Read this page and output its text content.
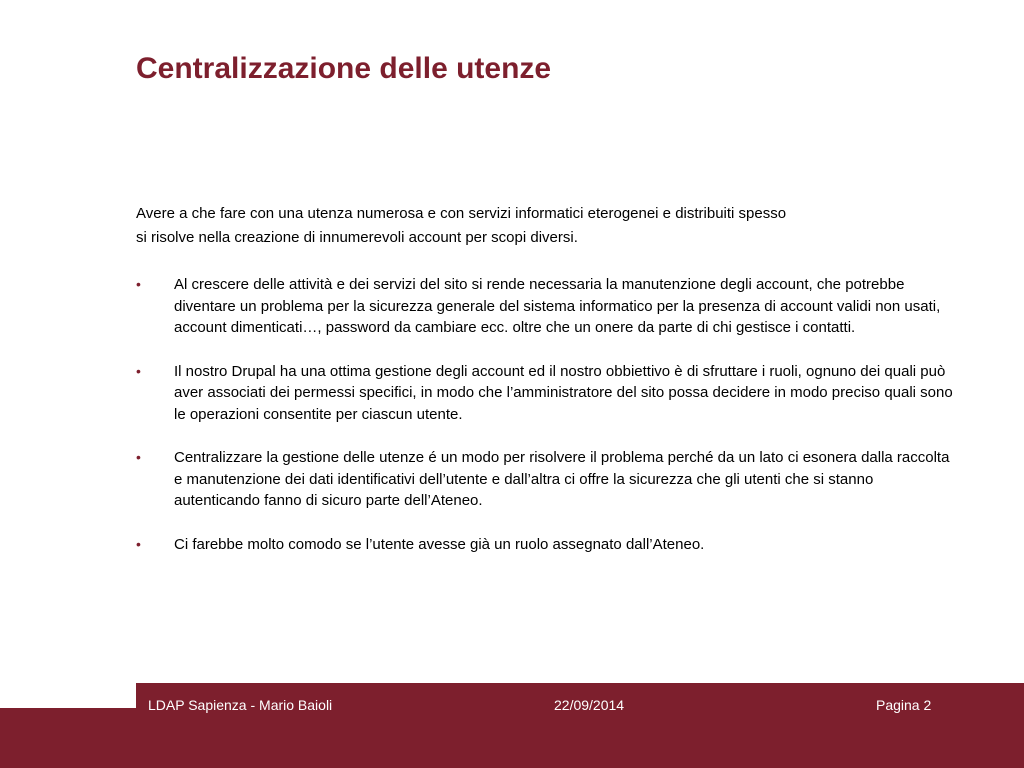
Centralizzazione delle utenze
Avere a che fare con una utenza numerosa e con servizi informatici eterogenei e distribuiti spesso
si risolve nella creazione di innumerevoli account per scopi diversi.
• Al crescere delle attività e dei servizi del sito si rende necessaria la manutenzione degli account, che potrebbe diventare un problema per la sicurezza generale del sistema informatico per la presenza di account validi non usati, account dimenticati…, password da cambiare ecc. oltre che un onere da parte di chi gestisce i contatti.
• Il nostro Drupal ha una ottima gestione degli account ed il nostro obbiettivo è di sfruttare i ruoli, ognuno dei quali può aver associati dei permessi specifici, in modo che l’amministratore del sito possa decidere in modo preciso quali sono le operazioni consentite per ciascun utente.
• Centralizzare la gestione delle utenze é un modo per risolvere il problema perché da un lato ci esonera dalla raccolta e manutenzione dei dati identificativi dell’utente e dall’altra ci offre la sicurezza che gli utenti che si stanno autenticando fanno di sicuro parte dell’Ateneo.
• Ci farebbe molto comodo se l’utente avesse già un ruolo assegnato dall’Ateneo.
LDAP Sapienza - Mario Baioli	22/09/2014	Pagina 2
